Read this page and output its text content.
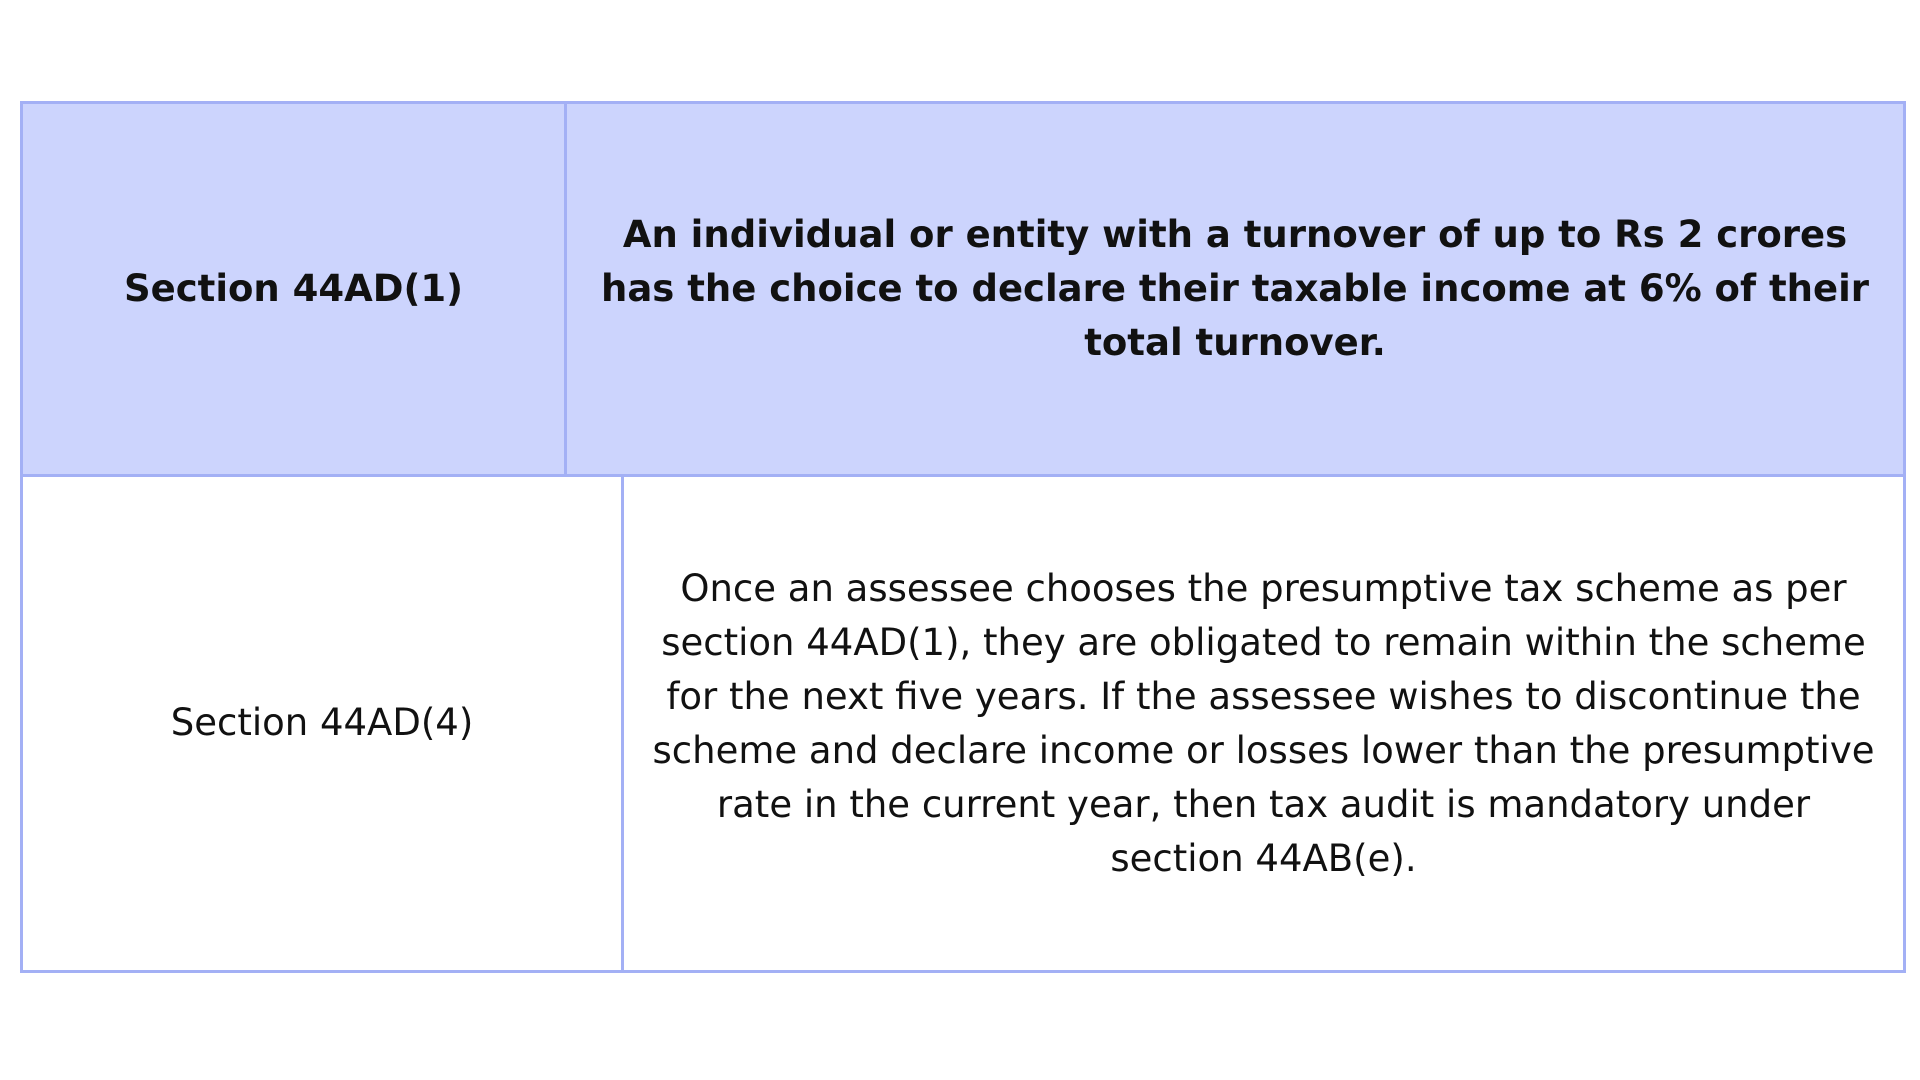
Section 44AD(1)
An individual or entity with a turnover of up to Rs 2 crores has the choice to declare their taxable income at 6% of their total turnover.
Section 44AD(4)
Once an assessee chooses the presumptive tax scheme as per section 44AD(1), they are obligated to remain within the scheme for the next five years. If the assessee wishes to discontinue the scheme and declare income or losses lower than the presumptive rate in the current year, then tax audit is mandatory under section 44AB(e).
